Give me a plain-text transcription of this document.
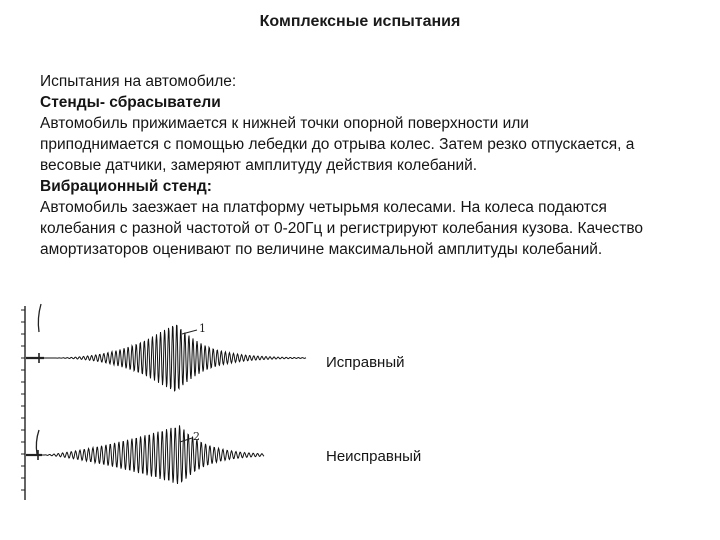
Комплексные испытания
Испытания на автомобиле:
Стенды- сбрасыватели
Автомобиль прижимается к нижней точки опорной поверхности или
приподнимается с помощью лебедки до отрыва колес. Затем резко отпускается, а
весовые датчики, замеряют амплитуду действия колебаний.
Вибрационный стенд:
Автомобиль заезжает на платформу четырьмя колесами. На колеса подаются
колебания с разной частотой от 0-20Гц и регистрируют колебания кузова. Качество
амортизаторов оценивают по величине максимальной амплитуды колебаний.
1
2
Исправный
Неисправный
